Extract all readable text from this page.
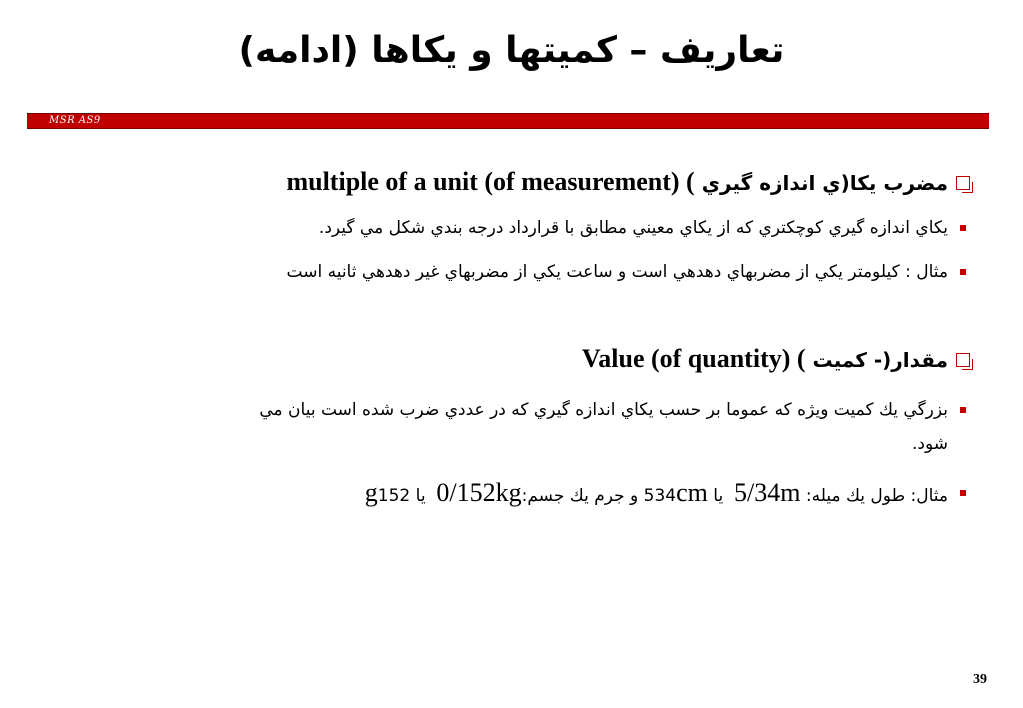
تعاریف – کمیتها و یکاها (ادامه)
MSR AS9
مضرب یکا(ي اندازه گیري multiple of a unit (of measurement) (
يكاي اندازه گيري كوچكتري كه از يكاي معيني مطابق با قرارداد درجه بندي شكل مي گيرد.
مثال : كيلومتر يكي از مضربهاي دهدهي است و ساعت يكي از مضربهاي غير دهدهي ثانيه است
مقدار(- کمیت Value (of quantity) (
بزرگي يك كميت ويژه كه عموما بر حسب يكاي اندازه گيري كه در عددي ضرب شده است بيان مي
شود.
مثال: طول يك ميله: 5/34m  يا 534cm و جرم يك جسم:0/152kg  يا g152
39
